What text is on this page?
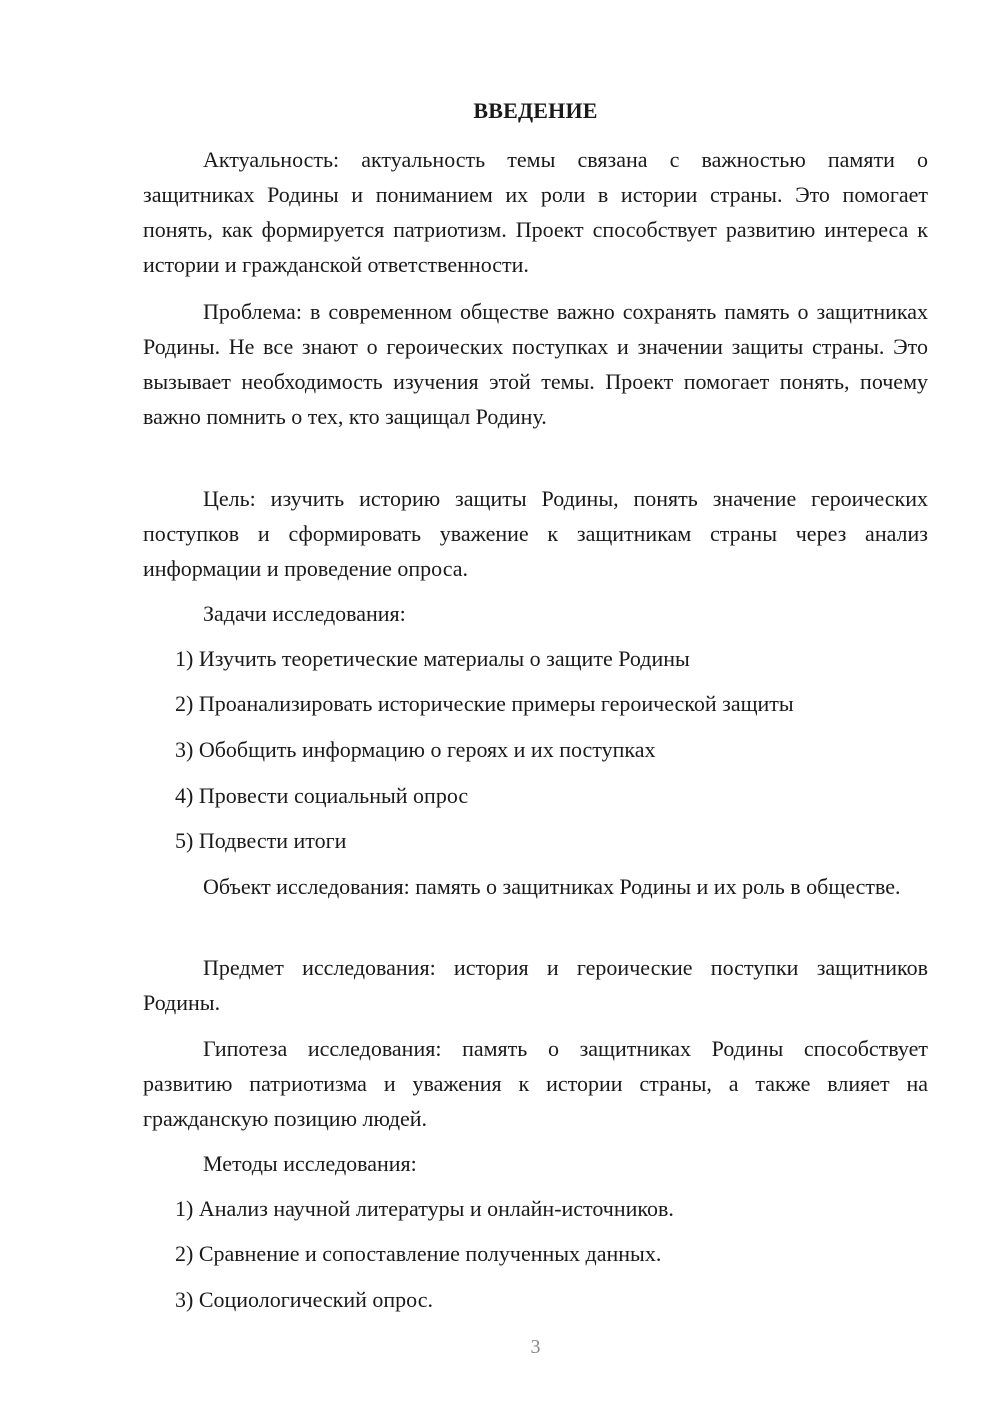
ВВЕДЕНИЕ

Актуальность: актуальность темы связана с важностью памяти о защитниках Родины и пониманием их роли в истории страны. Это помогает понять, как формируется патриотизм. Проект способствует развитию интереса к истории и гражданской ответственности.

Проблема: в современном обществе важно сохранять память о защитниках Родины. Не все знают о героических поступках и значении защиты страны. Это вызывает необходимость изучения этой темы. Проект помогает понять, почему важно помнить о тех, кто защищал Родину.

Цель: изучить историю защиты Родины, понять значение героических поступков и сформировать уважение к защитникам страны через анализ информации и проведение опроса.

Задачи исследования:
1) Изучить теоретические материалы о защите Родины
2) Проанализировать исторические примеры героической защиты
3) Обобщить информацию о героях и их поступках
4) Провести социальный опрос
5) Подвести итоги

Объект исследования: память о защитниках Родины и их роль в обществе.

Предмет исследования: история и героические поступки защитников Родины.

Гипотеза исследования: память о защитниках Родины способствует развитию патриотизма и уважения к истории страны, а также влияет на гражданскую позицию людей.

Методы исследования:
1) Анализ научной литературы и онлайн-источников.
2) Сравнение и сопоставление полученных данных.
3) Социологический опрос.
3
